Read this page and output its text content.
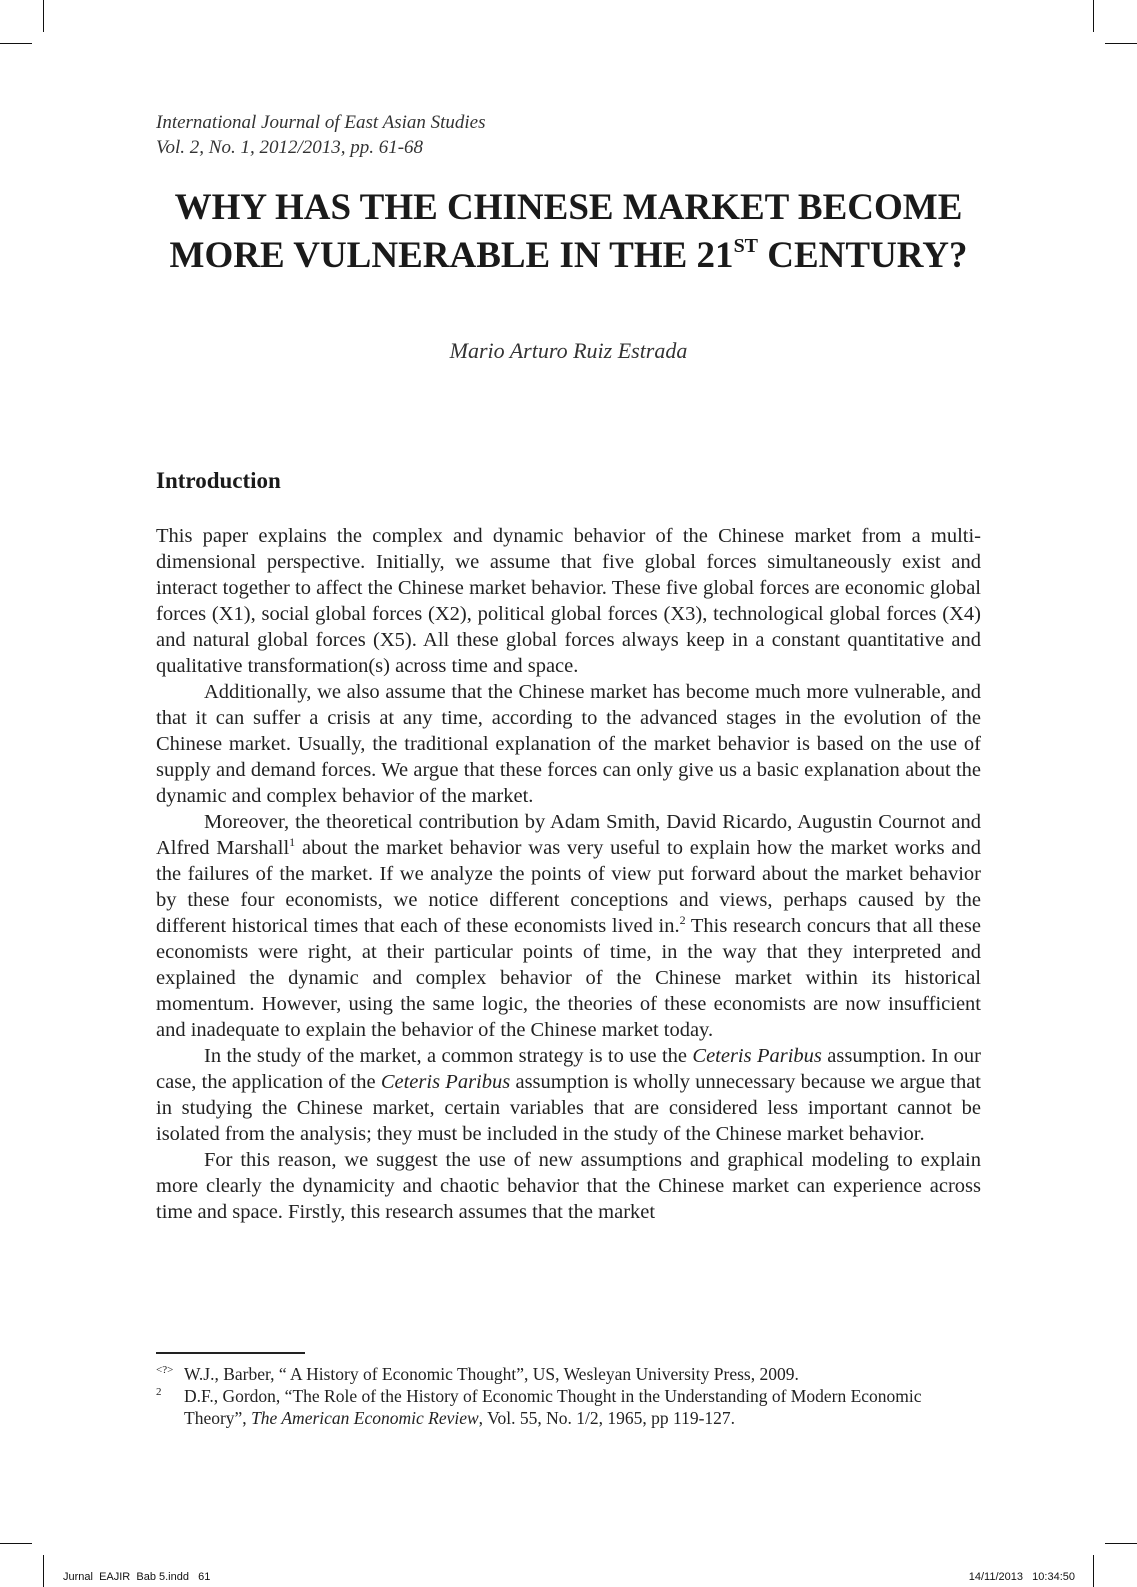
International Journal of East Asian Studies
Vol. 2, No. 1, 2012/2013, pp. 61-68
WHY HAS THE CHINESE MARKET BECOME
MORE VULNERABLE IN THE 21ST CENTURY?
Mario Arturo Ruiz Estrada
Introduction

This paper explains the complex and dynamic behavior of the Chinese market from a multi-dimensional perspective. Initially, we assume that five global forces simultaneously exist and interact together to affect the Chinese market behavior. These five global forces are economic global forces (X1), social global forces (X2), political global forces (X3), technological global forces (X4) and natural global forces (X5). All these global forces always keep in a constant quantitative and qualitative transformation(s) across time and space.

Additionally, we also assume that the Chinese market has become much more vulnerable, and that it can suffer a crisis at any time, according to the advanced stages in the evolution of the Chinese market. Usually, the traditional explanation of the market behavior is based on the use of supply and demand forces. We argue that these forces can only give us a basic explanation about the dynamic and complex behavior of the market.

Moreover, the theoretical contribution by Adam Smith, David Ricardo, Augustin Cournot and Alfred Marshall$^1$ about the market behavior was very useful to explain how the market works and the failures of the market. If we analyze the points of view put forward about the market behavior by these four economists, we notice different conceptions and views, perhaps caused by the different historical times that each of these economists lived in.$^2$ This research concurs that all these economists were right, at their particular points of time, in the way that they interpreted and explained the dynamic and complex behavior of the Chinese market within its historical momentum. However, using the same logic, the theories of these economists are now insufficient and inadequate to explain the behavior of the Chinese market today.

In the study of the market, a common strategy is to use the Ceteris Paribus assumption. In our case, the application of the Ceteris Paribus assumption is wholly unnecessary because we argue that in studying the Chinese market, certain variables that are considered less important cannot be isolated from the analysis; they must be included in the study of the Chinese market behavior.

For this reason, we suggest the use of new assumptions and graphical modeling to explain more clearly the dynamicity and chaotic behavior that the Chinese market can experience across time and space. Firstly, this research assumes that the market

<?> W.J., Barber, “ A History of Economic Thought”, US, Wesleyan University Press, 2009.
2 D.F., Gordon, “The Role of the History of Economic Thought in the Understanding of Modern Economic Theory”, The American Economic Review, Vol. 55, No. 1/2, 1965, pp 119-127.
Jurnal  EAJIR  Bab 5.indd   61	14/11/2013   10:34:50
